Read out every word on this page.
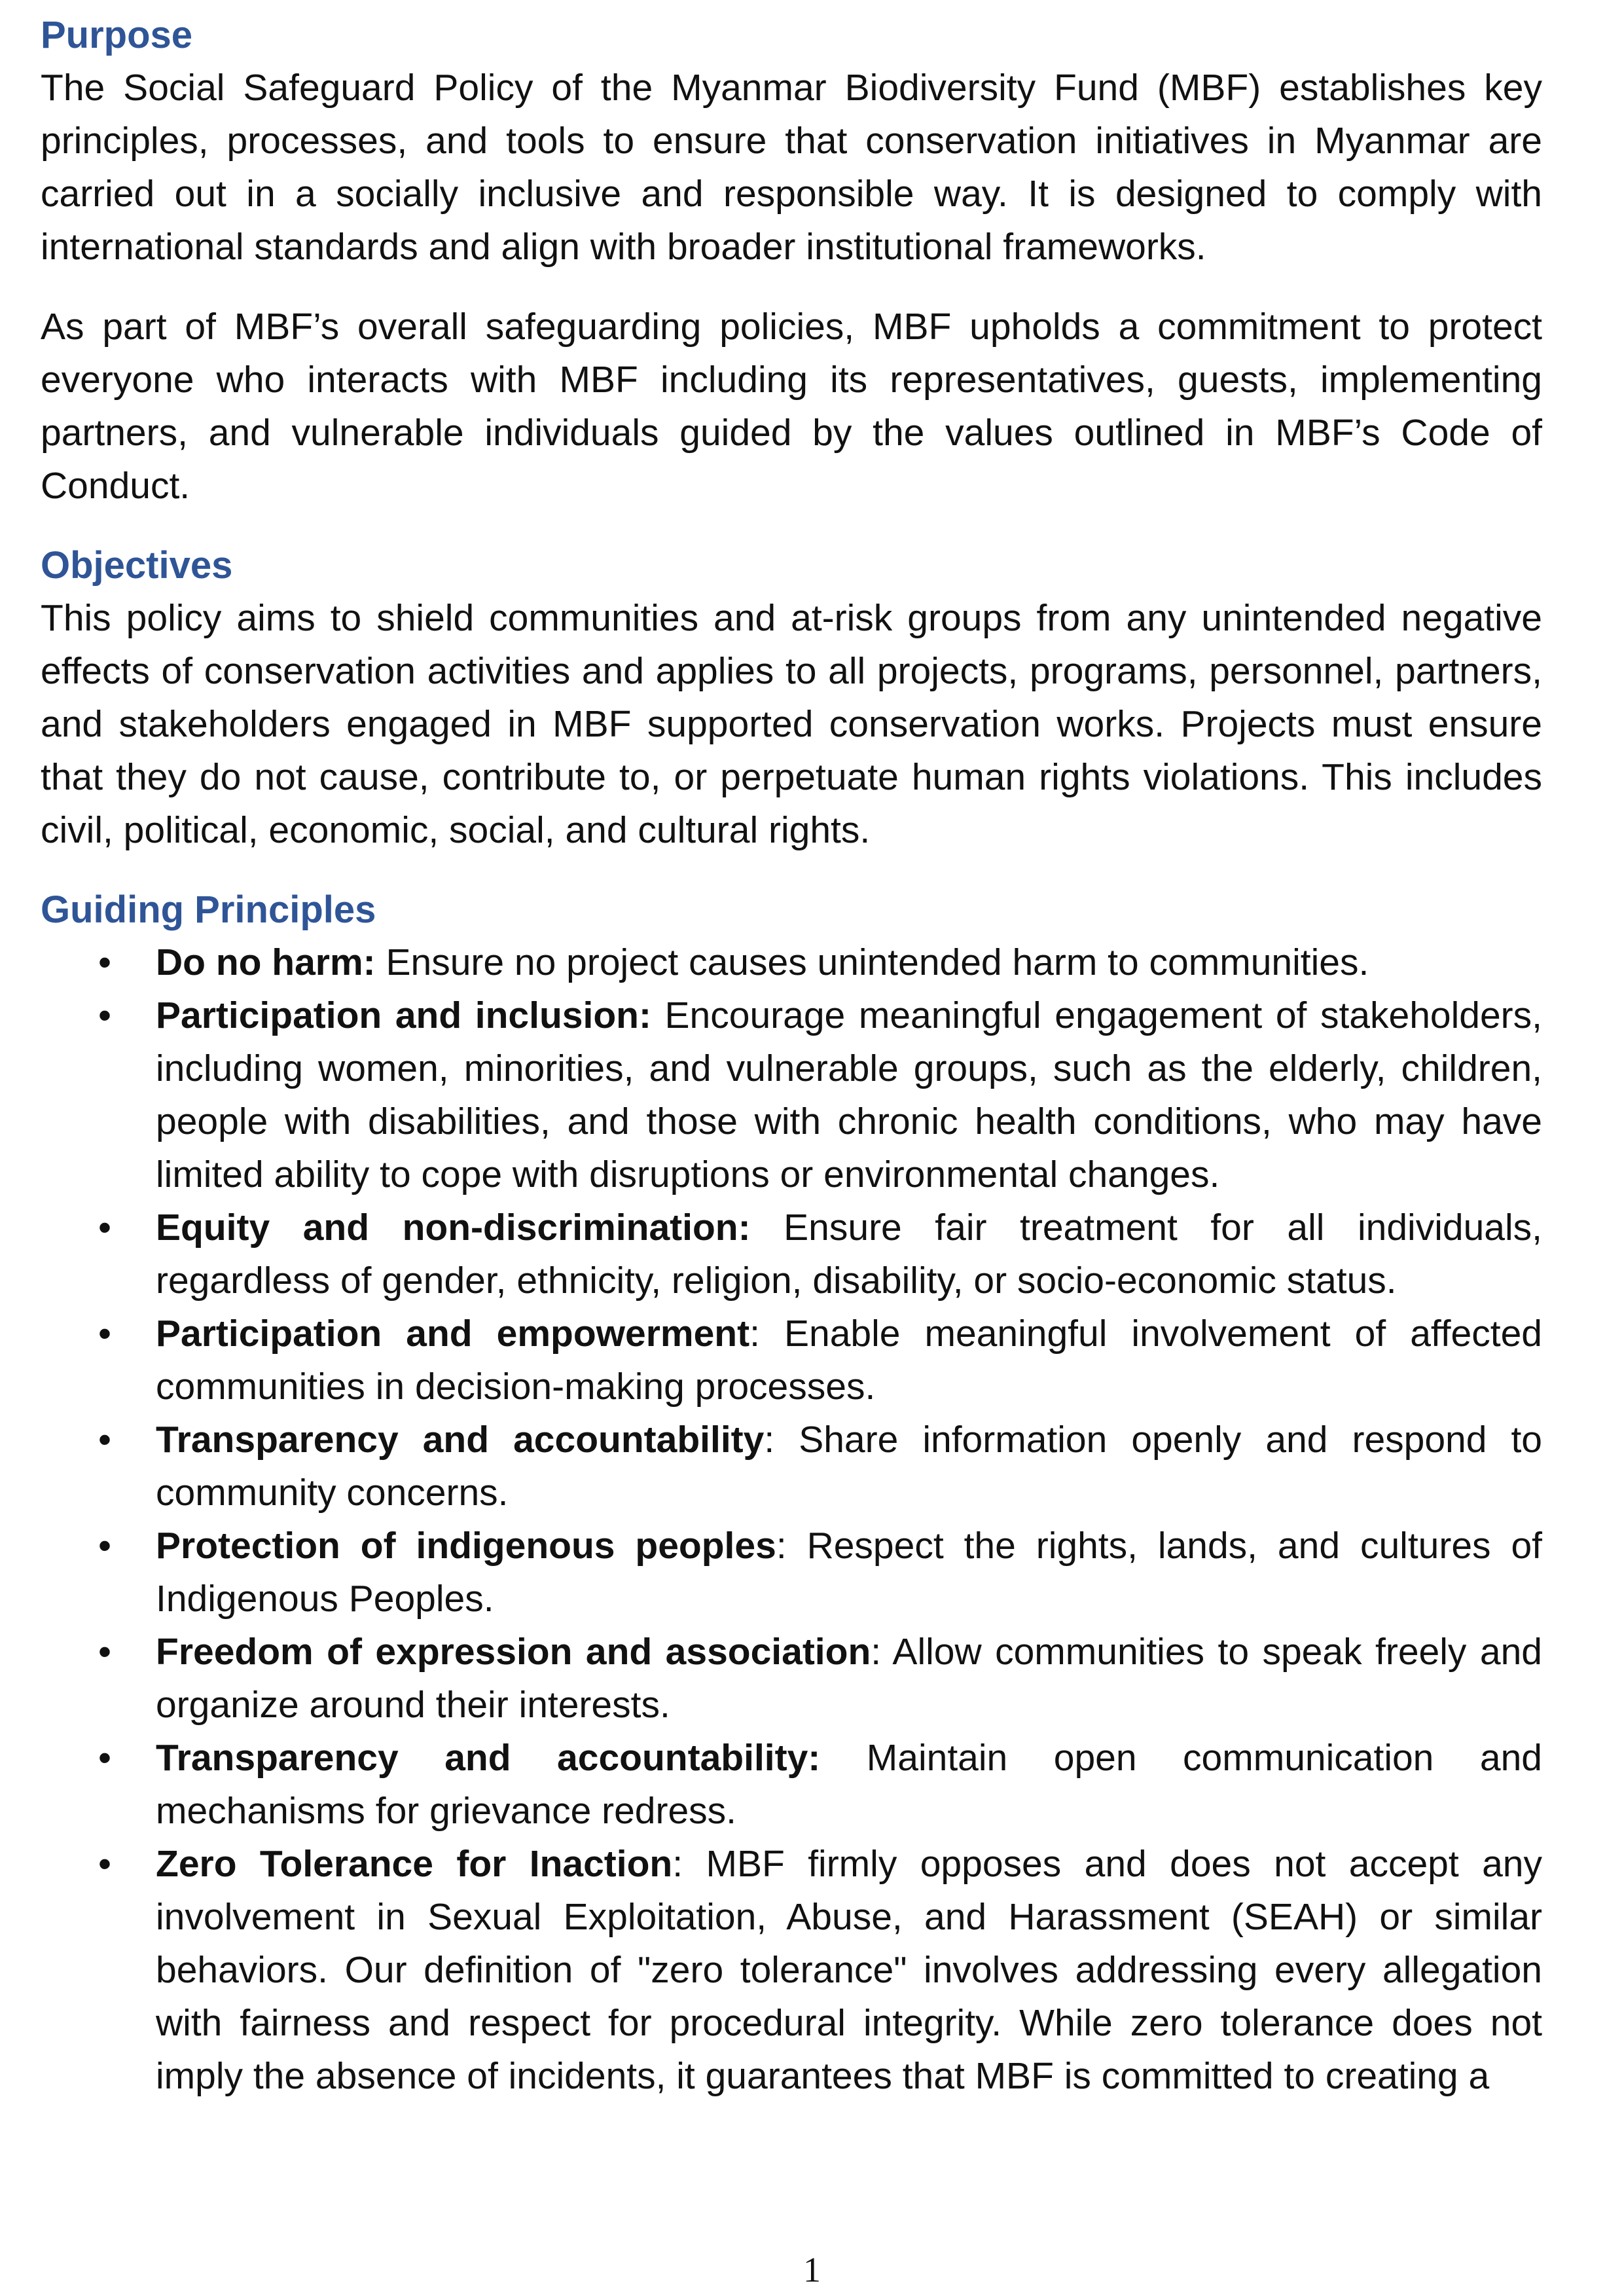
Purpose

The Social Safeguard Policy of the Myanmar Biodiversity Fund (MBF) establishes key principles, processes, and tools to ensure that conservation initiatives in Myanmar are carried out in a socially inclusive and responsible way. It is designed to comply with international standards and align with broader institutional frameworks.

As part of MBF’s overall safeguarding policies, MBF upholds a commitment to protect everyone who interacts with MBF including its representatives, guests, implementing partners, and vulnerable individuals guided by the values outlined in MBF’s Code of Conduct.

Objectives

This policy aims to shield communities and at-risk groups from any unintended negative effects of conservation activities and applies to all projects, programs, personnel, partners, and stakeholders engaged in MBF supported conservation works. Projects must ensure that they do not cause, contribute to, or perpetuate human rights violations. This includes civil, political, economic, social, and cultural rights.

Guiding Principles
• Do no harm: Ensure no project causes unintended harm to communities.
• Participation and inclusion: Encourage meaningful engagement of stakeholders, including women, minorities, and vulnerable groups, such as the elderly, children, people with disabilities, and those with chronic health conditions, who may have limited ability to cope with disruptions or environmental changes.
• Equity and non-discrimination: Ensure fair treatment for all individuals, regardless of gender, ethnicity, religion, disability, or socio-economic status.
• Participation and empowerment: Enable meaningful involvement of affected communities in decision-making processes.
• Transparency and accountability: Share information openly and respond to community concerns.
• Protection of indigenous peoples: Respect the rights, lands, and cultures of Indigenous Peoples.
• Freedom of expression and association: Allow communities to speak freely and organize around their interests.
• Transparency and accountability: Maintain open communication and mechanisms for grievance redress.
• Zero Tolerance for Inaction: MBF firmly opposes and does not accept any involvement in Sexual Exploitation, Abuse, and Harassment (SEAH) or similar behaviors. Our definition of "zero tolerance" involves addressing every allegation with fairness and respect for procedural integrity. While zero tolerance does not imply the absence of incidents, it guarantees that MBF is committed to creating a
1
